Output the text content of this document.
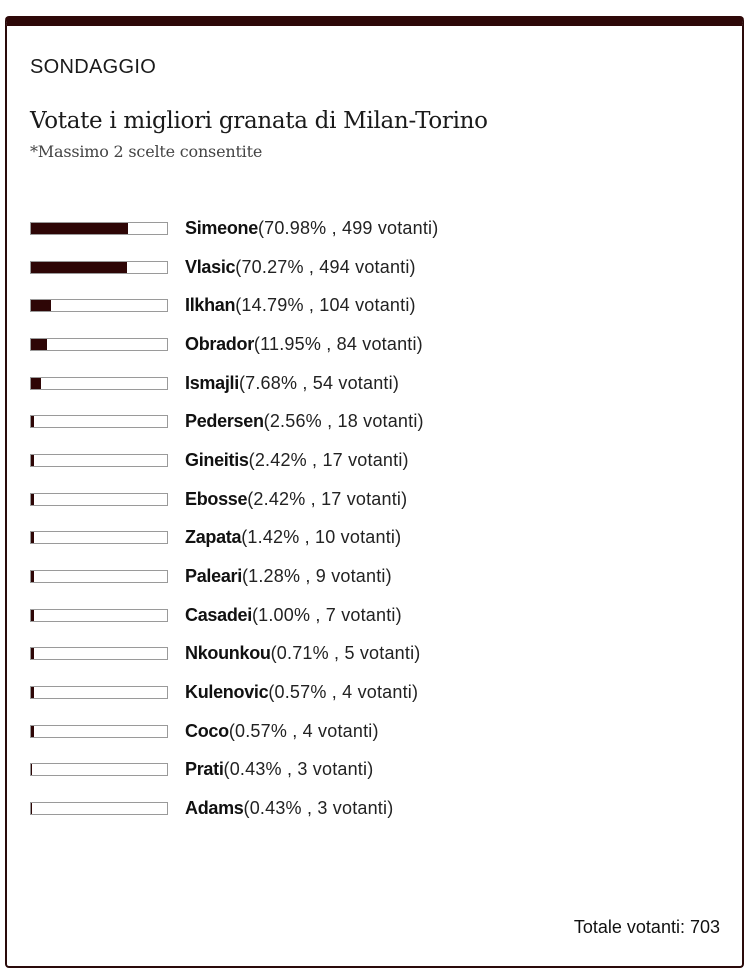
SONDAGGIO
Votate i migliori granata di Milan-Torino
*Massimo 2 scelte consentite
Simeone(70.98% , 499 votanti)
Vlasic(70.27% , 494 votanti)
Ilkhan(14.79% , 104 votanti)
Obrador(11.95% , 84 votanti)
Ismajli(7.68% , 54 votanti)
Pedersen(2.56% , 18 votanti)
Gineitis(2.42% , 17 votanti)
Ebosse(2.42% , 17 votanti)
Zapata(1.42% , 10 votanti)
Paleari(1.28% , 9 votanti)
Casadei(1.00% , 7 votanti)
Nkounkou(0.71% , 5 votanti)
Kulenovic(0.57% , 4 votanti)
Coco(0.57% , 4 votanti)
Prati(0.43% , 3 votanti)
Adams(0.43% , 3 votanti)
Totale votanti: 703
